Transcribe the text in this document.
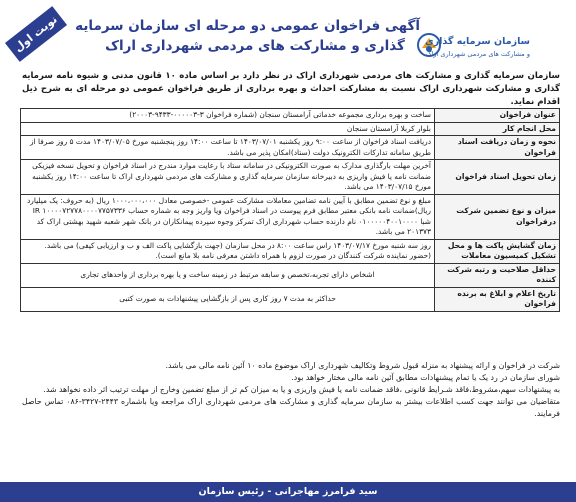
نوبت اول	آگهی فراخوان عمومی دو مرحله ای سازمان سرمایه
گذاری و مشارکت های مردمی شهرداری اراک	سازمان سرمایه گذاری
و مشارکت های مردمی شهرداری اراک
سازمان سرمایه گذاری و مشارکت های مردمی شهرداری اراک در نظر دارد بر اساس ماده ۱۰ قانون مدنی و شیوه نامه سرمایه گذاری و مشارکت شهرداری اراک نسبت به مشارکت احداث و بهره برداری از طریق فراخوان عمومی دو مرحله ای به شرح ذیل اقدام نماید.
عنوان فراخوان	ساخت و بهره برداری مجموعه خدماتی آرامستان سنجان (شماره فراخوان ۳-۰۰۰۰۰۳-۹۴۳۳-۲۰۰۰۳)
محل انجام کار	بلوار کربلا آرامستان سنجان
نحوه و زمان دریافت اسناد فراخوان	دریافت اسناد فراخوان از ساعت ۹:۰۰ روز یکشنبه ۱۴۰۳/۰۷/۰۱ تا ساعت ۱۴:۰۰ روز پنجشنبه مورخ ۱۴۰۳/۰۷/۰۵ مدت ۵ روز صرفا از طریق سامانه تدارکات الکترونیک دولت (ستاد)امکان پذیر می باشد.
زمان تحویل اسناد فراخوان	آخرین مهلت بارگذاری مدارک به صورت الکترونیکی در سامانه ستاد با رعایت موارد مندرج در اسناد فراخوان و تحویل نسخه فیزیکی ضمانت نامه یا فیش واریزی به دبیرخانه سازمان سرمایه گذاری و مشارکت های مردمی شهرداری اراک تا ساعت ۱۴:۰۰ روز یکشنبه مورخ ۱۴۰۳/۰۷/۱۵ می باشد.
میزان و نوع تضمین شرکت درفراخوان	مبلغ و نوع تضمین مطابق با آیین نامه تضامین معاملات مشارکت عمومی -خصوصی معادل ۱۰۰۰،۰۰۰،۰۰۰ ریال (به حروف: یک میلیارد ریال)ضمانت نامه بانکی معتبر مطابق فرم پیوست در اسناد فراخوان ویا واریز وجه به شماره حساب ۱۰۰۰۰۷۲۷۷۸۰۰۰۰۷۷۵۷۳۳۶ IR شبا ۰۱۰۰۰۰۰۴۰۰۱۰۰۰۰ نام دارنده حساب شهرداری اراک تمرکز وجوه سپرده پیمانکاران در بانک شهر شعبه شهید بهشتی اراک کد ۲۰۱۳۷۳ می باشد.
زمان گشایش پاکت ها و محل تشکیل کمیسیون معاملات	روز سه شنبه مورخ ۱۴۰۳/۰۷/۱۷ راس ساعت ۸:۰۰ در محل سازمان (جهت بازگشایی پاکت الف و ب و ارزیابی کیفی) می باشد. (حضور نماینده شرکت کنندگان در صورت لزوم با همراه داشتن معرفی نامه بلا مانع است).
حداقل صلاحیت و رتبه شرکت کننده	اشخاص دارای تجربه،تخصص و سابقه مرتبط در زمینه ساخت و یا بهره برداری از واحدهای تجاری
تاریخ اعلام و ابلاغ به برنده فراخوان	حداکثر به مدت ۷ روز کاری پس از بازگشایی پیشنهادات به صورت کتبی

شرکت در فراخوان و ارائه پیشنهاد به منزله قبول شروط وتکالیف شهرداری اراک موضوع ماده ۱۰ آئین نامه مالی می باشد.

شورای سازمان در رد یک یا تمام پیشنهادات مطابق آئین نامه مالی مختار خواهد بود.

به پیشنهادات سهم،مشروط،فاقد شـرایط قانونی ،فاقد ضمانت نامه یا فیش واریزی و یا به میزان کم تر از مبلغ تضمین وخارج از مهلت ترتیب اثر داده نخواهد شد.

متقاضیان می توانند جهت کسب اطلاعات بیشتر به سازمان سرمایه گذاری و مشارکت های مردمی شهرداری اراک مراجعه ویا باشماره ۲۴۴۳-۳۴۲۷-۰۸۶ تماس حاصل فرمایند.

سید فرامرز مهاجرانی - رئیس سازمان
